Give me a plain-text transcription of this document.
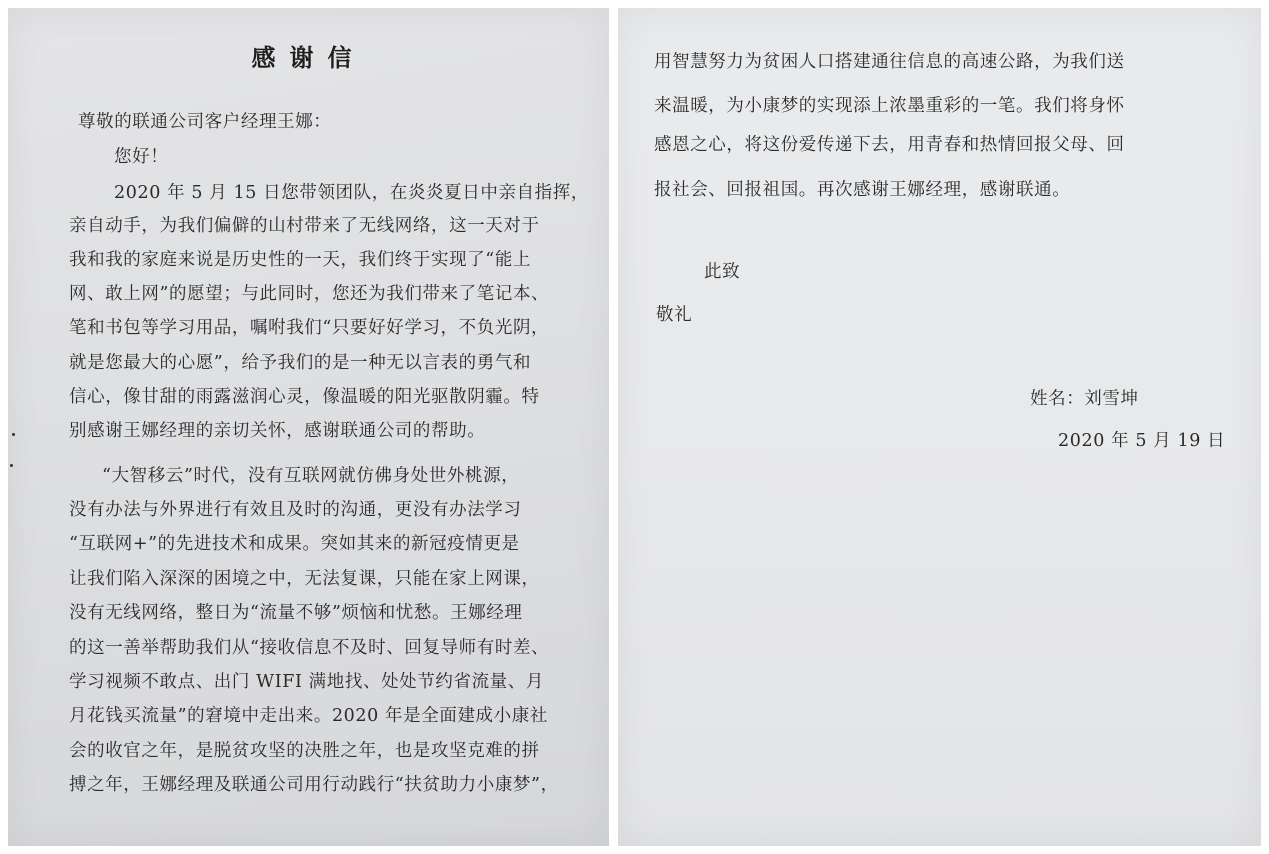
感谢信
尊敬的联通公司客户经理王娜：
您好！
2020 年 5 月 15 日您带领团队，在炎炎夏日中亲自指挥，
亲自动手，为我们偏僻的山村带来了无线网络，这一天对于
我和我的家庭来说是历史性的一天，我们终于实现了“能上
网、敢上网”的愿望；与此同时，您还为我们带来了笔记本、
笔和书包等学习用品，嘱咐我们“只要好好学习，不负光阴，
就是您最大的心愿”，给予我们的是一种无以言表的勇气和
信心，像甘甜的雨露滋润心灵，像温暖的阳光驱散阴霾。特
别感谢王娜经理的亲切关怀，感谢联通公司的帮助。
“大智移云”时代，没有互联网就仿佛身处世外桃源，
没有办法与外界进行有效且及时的沟通，更没有办法学习
“互联网+”的先进技术和成果。突如其来的新冠疫情更是
让我们陷入深深的困境之中，无法复课，只能在家上网课，
没有无线网络，整日为“流量不够”烦恼和忧愁。王娜经理
的这一善举帮助我们从“接收信息不及时、回复导师有时差、
学习视频不敢点、出门 WIFI 满地找、处处节约省流量、月
月花钱买流量”的窘境中走出来。2020 年是全面建成小康社
会的收官之年，是脱贫攻坚的决胜之年，也是攻坚克难的拼
搏之年，王娜经理及联通公司用行动践行“扶贫助力小康梦”，
用智慧努力为贫困人口搭建通往信息的高速公路，为我们送
来温暖，为小康梦的实现添上浓墨重彩的一笔。我们将身怀
感恩之心，将这份爱传递下去，用青春和热情回报父母、回
报社会、回报祖国。再次感谢王娜经理，感谢联通。
此致
敬礼
姓名：刘雪坤
2020 年 5 月 19 日
